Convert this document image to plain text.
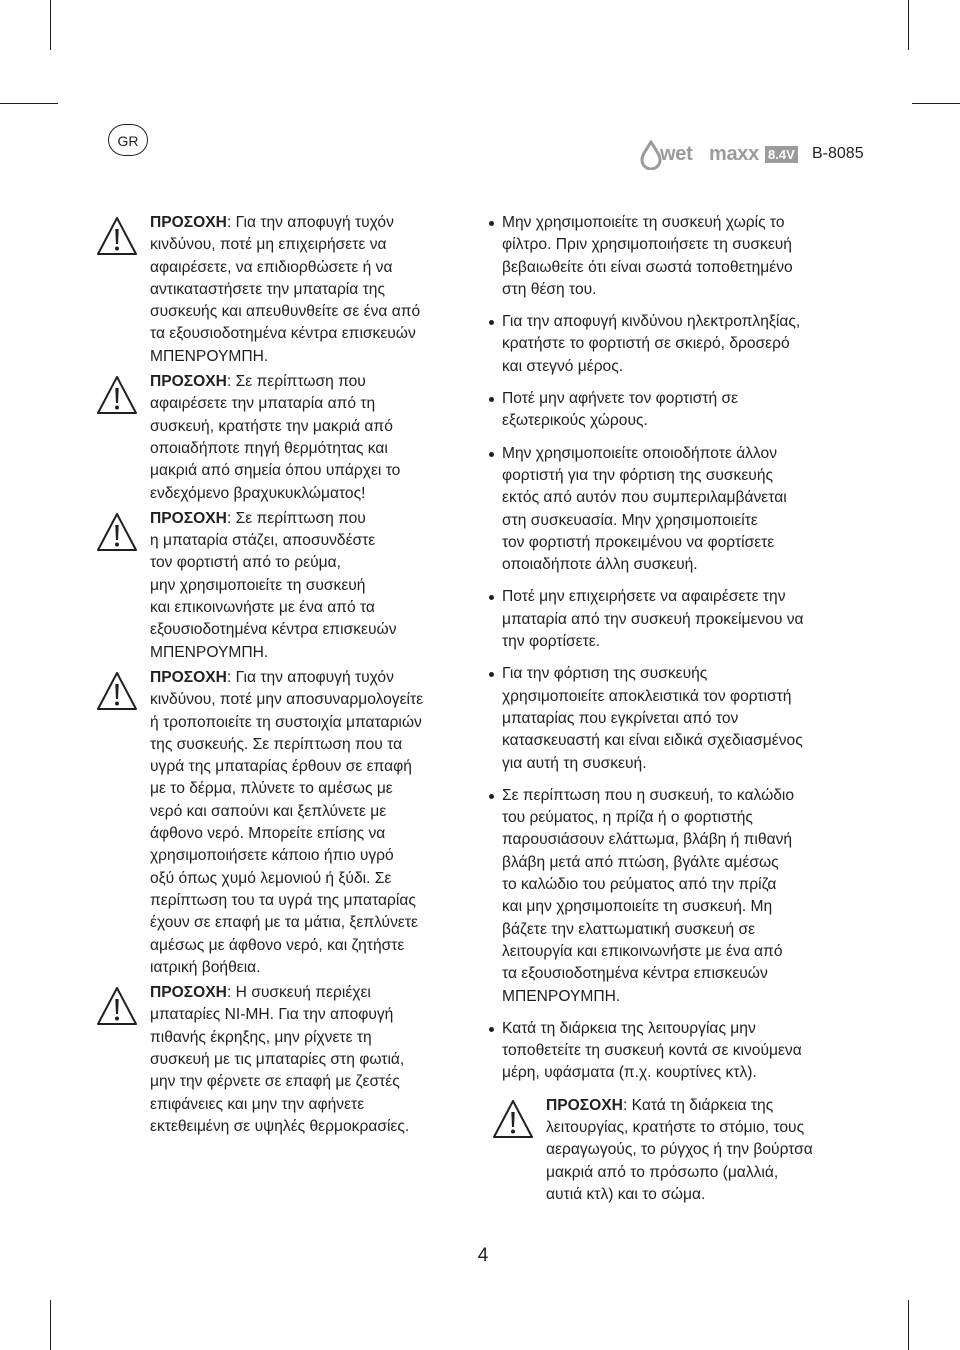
GR
wet maxx 8.4V B-8085

ΠΡΟΣΟΧΗ: Για την αποφυγή τυχόν
κινδύνου, ποτέ μη επιχειρήσετε να
αφαιρέσετε, να επιδιορθώσετε ή να
αντικαταστήσετε την μπαταρία της
συσκευής και απευθυνθείτε σε ένα από
τα εξουσιοδοτημένα κέντρα επισκευών
ΜΠΕΝΡΟΥΜΠΗ.

ΠΡΟΣΟΧΗ: Σε περίπτωση που
αφαιρέσετε την μπαταρία από τη
συσκευή, κρατήστε την μακριά από
οποιαδήποτε πηγή θερμότητας και
μακριά από σημεία όπου υπάρχει το
ενδεχόμενο βραχυκυκλώματος!

ΠΡΟΣΟΧΗ: Σε περίπτωση που
η μπαταρία στάζει, αποσυνδέστε
τον φορτιστή από το ρεύμα,
μην χρησιμοποιείτε τη συσκευή
και επικοινωνήστε με ένα από τα
εξουσιοδοτημένα κέντρα επισκευών
ΜΠΕΝΡΟΥΜΠΗ.

ΠΡΟΣΟΧΗ: Για την αποφυγή τυχόν
κινδύνου, ποτέ μην αποσυναρμολογείτε
ή τροποποιείτε τη συστοιχία μπαταριών
της συσκευής. Σε περίπτωση που τα
υγρά της μπαταρίας έρθουν σε επαφή
με το δέρμα, πλύνετε το αμέσως με
νερό και σαπούνι και ξεπλύνετε με
άφθονο νερό. Μπορείτε επίσης να
χρησιμοποιήσετε κάποιο ήπιο υγρό
οξύ όπως χυμό λεμονιού ή ξύδι. Σε
περίπτωση του τα υγρά της μπαταρίας
έχουν σε επαφή με τα μάτια, ξεπλύνετε
αμέσως με άφθονο νερό, και ζητήστε
ιατρική βοήθεια.

ΠΡΟΣΟΧΗ: Η συσκευή περιέχει
μπαταρίες NI-MH. Για την αποφυγή
πιθανής έκρηξης, μην ρίχνετε τη
συσκευή με τις μπαταρίες στη φωτιά,
μην την φέρνετε σε επαφή με ζεστές
επιφάνειες και μην την αφήνετε
εκτεθειμένη σε υψηλές θερμοκρασίες.

Μην χρησιμοποιείτε τη συσκευή χωρίς το
φίλτρο. Πριν χρησιμοποιήσετε τη συσκευή
βεβαιωθείτε ότι είναι σωστά τοποθετημένο
στη θέση του.
Για την αποφυγή κινδύνου ηλεκτροπληξίας,
κρατήστε το φορτιστή σε σκιερό, δροσερό
και στεγνό μέρος.
Ποτέ μην αφήνετε τον φορτιστή σε
εξωτερικούς χώρους.
Μην χρησιμοποιείτε οποιοδήποτε άλλον
φορτιστή για την φόρτιση της συσκευής
εκτός από αυτόν που συμπεριλαμβάνεται
στη συσκευασία. Μην χρησιμοποιείτε
τον φορτιστή προκειμένου να φορτίσετε
οποιαδήποτε άλλη συσκευή.
Ποτέ μην επιχειρήσετε να αφαιρέσετε την
μπαταρία από την συσκευή προκείμενου να
την φορτίσετε.
Για την φόρτιση της συσκευής
χρησιμοποιείτε αποκλειστικά τον φορτιστή
μπαταρίας που εγκρίνεται από τον
κατασκευαστή και είναι ειδικά σχεδιασμένος
για αυτή τη συσκευή.
Σε περίπτωση που η συσκευή, το καλώδιο
του ρεύματος, η πρίζα ή ο φορτιστής
παρουσιάσουν ελάττωμα, βλάβη ή πιθανή
βλάβη μετά από πτώση, βγάλτε αμέσως
το καλώδιο του ρεύματος από την πρίζα
και μην χρησιμοποιείτε τη συσκευή. Μη
βάζετε την ελαττωματική συσκευή σε
λειτουργία και επικοινωνήστε με ένα από
τα εξουσιοδοτημένα κέντρα επισκευών
ΜΠΕΝΡΟΥΜΠΗ.
Κατά τη διάρκεια της λειτουργίας μην
τοποθετείτε τη συσκευή κοντά σε κινούμενα
μέρη, υφάσματα (π.χ. κουρτίνες κτλ).

ΠΡΟΣΟΧΗ: Κατά τη διάρκεια της
λειτουργίας, κρατήστε το στόμιο, τους
αεραγωγούς, το ρύγχος ή την βούρτσα
μακριά από το πρόσωπο (μαλλιά,
αυτιά κτλ) και το σώμα.

4
